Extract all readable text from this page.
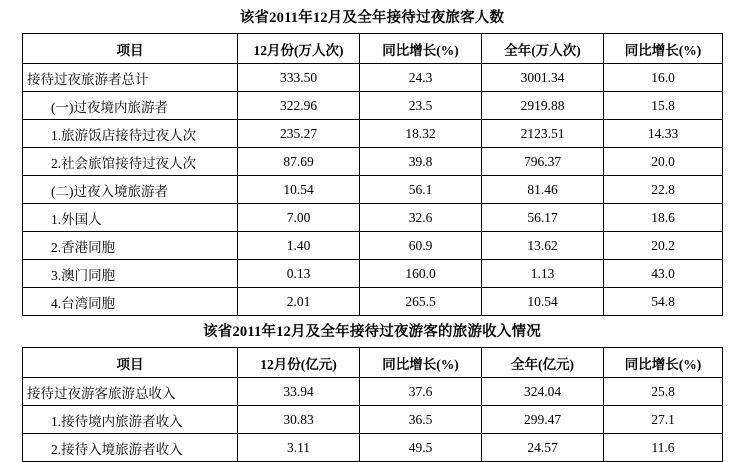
该省2011年12月及全年接待过夜旅客人数
项目	12月份(万人次)	同比增长(%)	全年(万人次)	同比增长(%)
接待过夜旅游者总计	333.50	24.3	3001.34	16.0
(一)过夜境内旅游者	322.96	23.5	2919.88	15.8
1.旅游饭店接待过夜人次	235.27	18.32	2123.51	14.33
2.社会旅馆接待过夜人次	87.69	39.8	796.37	20.0
(二)过夜入境旅游者	10.54	56.1	81.46	22.8
1.外国人	7.00	32.6	56.17	18.6
2.香港同胞	1.40	60.9	13.62	20.2
3.澳门同胞	0.13	160.0	1.13	43.0
4.台湾同胞	2.01	265.5	10.54	54.8
该省2011年12月及全年接待过夜游客的旅游收入情况
项目	12月份(亿元)	同比增长(%)	全年(亿元)	同比增长(%)
接待过夜游客旅游总收入	33.94	37.6	324.04	25.8
1.接待境内旅游者收入	30.83	36.5	299.47	27.1
2.接待入境旅游者收入	3.11	49.5	24.57	11.6
